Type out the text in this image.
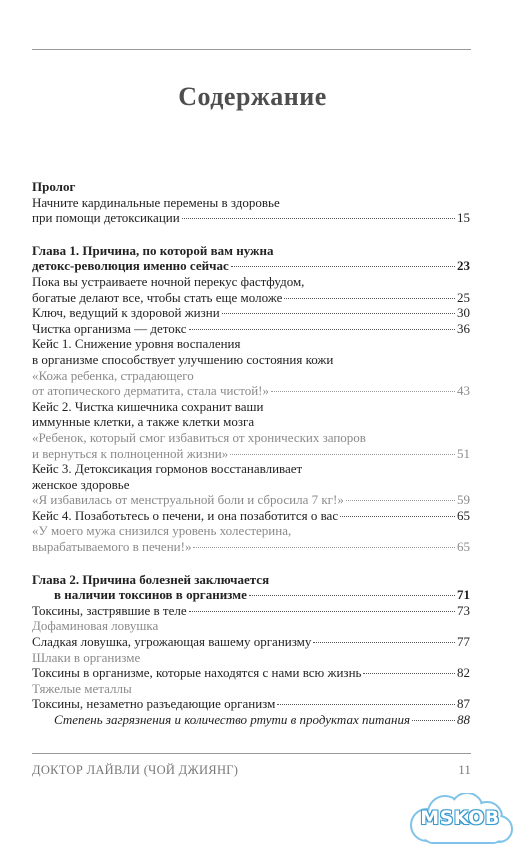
Содержание
Пролог
Начните кардинальные перемены в здоровье
при помощи детоксикации	15
Глава 1. Причина, по которой вам нужна
детокс-революция именно сейчас	23
Пока вы устраиваете ночной перекус фастфудом,
богатые делают все, чтобы стать еще моложе	25
Ключ, ведущий к здоровой жизни	30
Чистка организма — детокс	36
Кейс 1. Снижение уровня воспаления
в организме способствует улучшению состояния кожи
«Кожа ребенка, страдающего
от атопического дерматита, стала чистой!»	43
Кейс 2. Чистка кишечника сохранит ваши
иммунные клетки, а также клетки мозга
«Ребенок, который смог избавиться от хронических запоров
и вернуться к полноценной жизни»	51
Кейс 3. Детоксикация гормонов восстанавливает
женское здоровье
«Я избавилась от менструальной боли и сбросила 7 кг!»	59
Кейс 4. Позаботьтесь о печени, и она позаботится о вас	65
«У моего мужа снизился уровень холестерина,
вырабатываемого в печени!»	65
Глава 2. Причина болезней заключается
в наличии токсинов в организме	71
Токсины, застрявшие в теле	73
Дофаминовая ловушка
Сладкая ловушка, угрожающая вашему организму	77
Шлаки в организме
Токсины в организме, которые находятся с нами всю жизнь	82
Тяжелые металлы
Токсины, незаметно разъедающие организм	87
Степень загрязнения и количество ртути в продуктах питания	88
ДОКТОР ЛАЙВЛИ (ЧОЙ ДЖИЯНГ)	11
MSKOB
